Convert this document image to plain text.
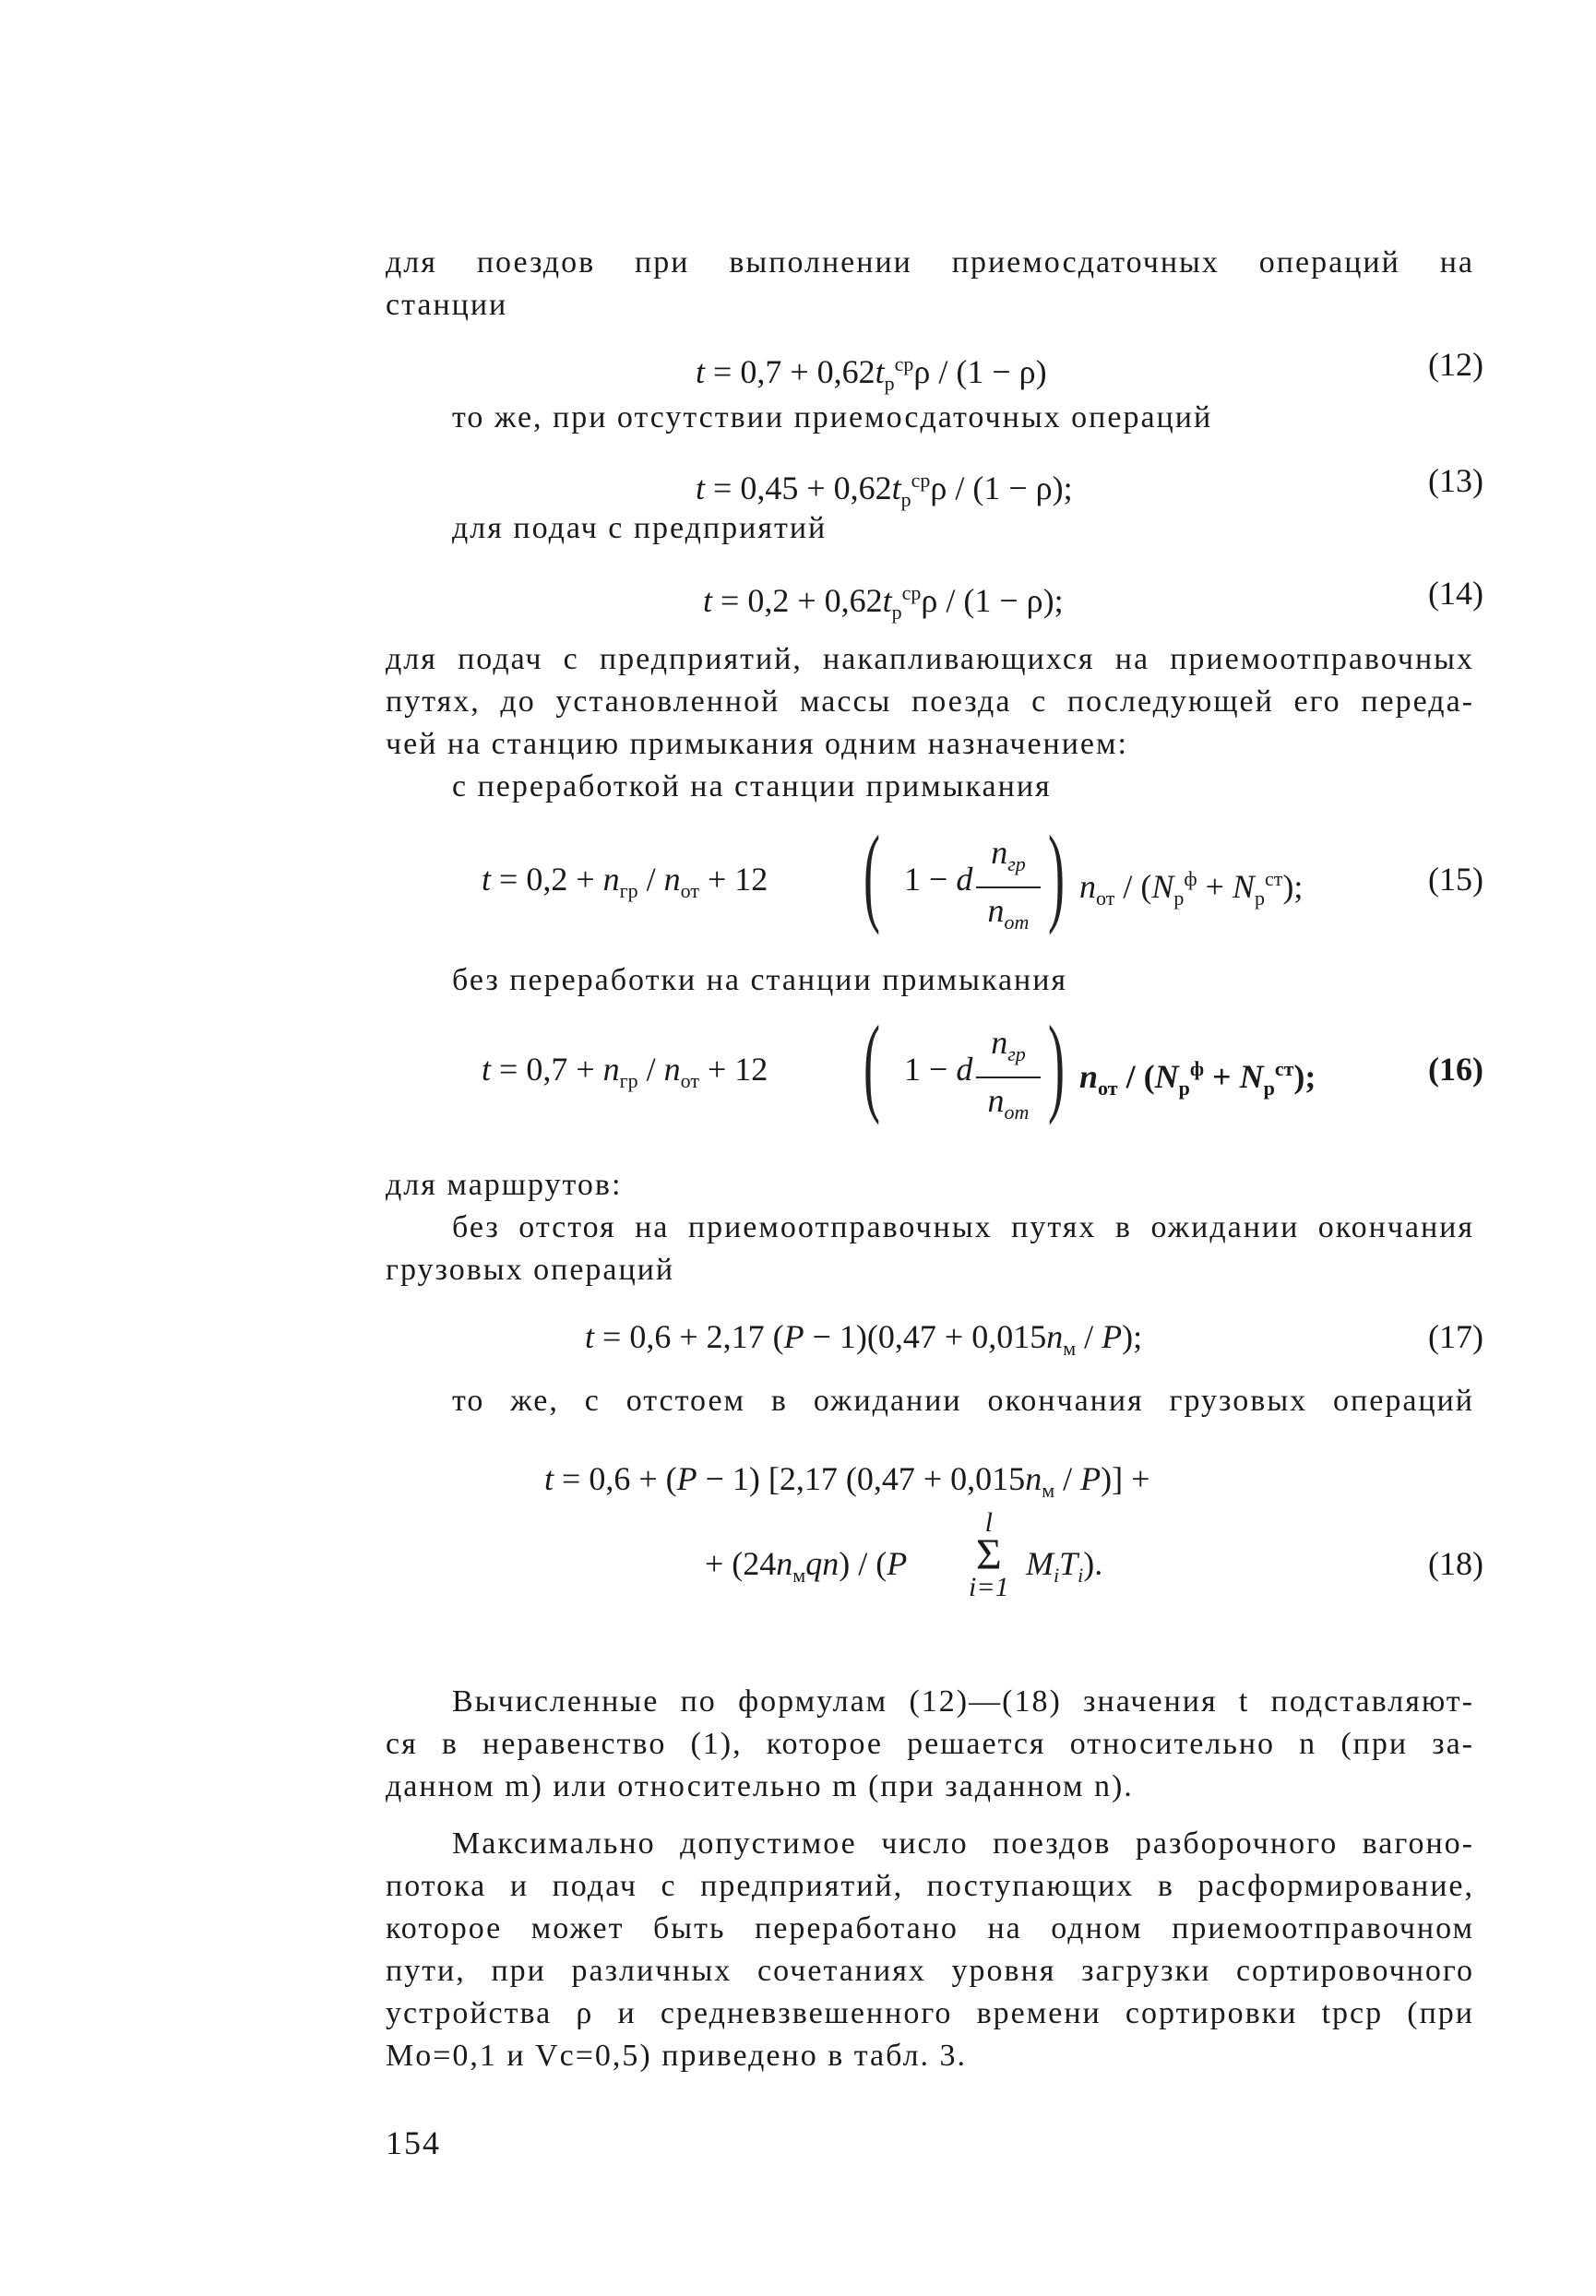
для поездов при выполнении приемосдаточных операций на
станции
$t = 0,7 + 0,62t_р^{ср}\rho / (1 - \rho)$	(12)
то же, при отсутствии приемосдаточных операций
$t = 0,45 + 0,62t_р^{ср}\rho / (1 - \rho)$;	(13)
для подач с предприятий
$t = 0,2 + 0,62t_р^{ср}\rho / (1 - \rho)$;	(14)
для подач с предприятий, накапливающихся на приемоотправочных
путях, до установленной массы поезда с последующей его переда-
чей на станцию примыкания одним назначением:
с переработкой на станции примыкания
$t = 0,2 + n_{гр} / n_{от} + 12$ ( 1 − d
$n_{гр}$
$n_{от}$ ) $n_{от} / (N_р^ф + N_р^{ст})$;	(15)
без переработки на станции примыкания
$t = 0,7 + n_{гр} / n_{от} + 12$ ( 1 − d
$n_{гр}$
$n_{от}$ ) $n_{от} / (N_р^ф + N_р^{ст})$;	(16)
для маршрутов:
без отстоя на приемоотправочных путях в ожидании окончания
грузовых операций
t = 0,6 + 2,17 $(P - 1)(0,47 + 0,015n_м / P)$;	(17)
то же, с отстоем в ожидании окончания грузовых операций
t = 0,6 + (P − 1) [2,17 $(0,47 + 0,015n_м / P)$] +
+ $(24n_мqn) / (P$
l
Σ
i=1
$M_iT_i$).	(18)
Вычисленные по формулам (12)—(18) значения t подставляют-
ся в неравенство (1), которое решается относительно n (при за-
данном m) или относительно m (при заданном n).
Максимально допустимое число поездов разборочного вагоно-
потока и подач с предприятий, поступающих в расформирование,
которое может быть переработано на одном приемоотправочном
пути, при различных сочетаниях уровня загрузки сортировочного
устройства ρ и средневзвешенного времени сортировки tрср (при
Mо=0,1 и Vс=0,5) приведено в табл. 3.
154
